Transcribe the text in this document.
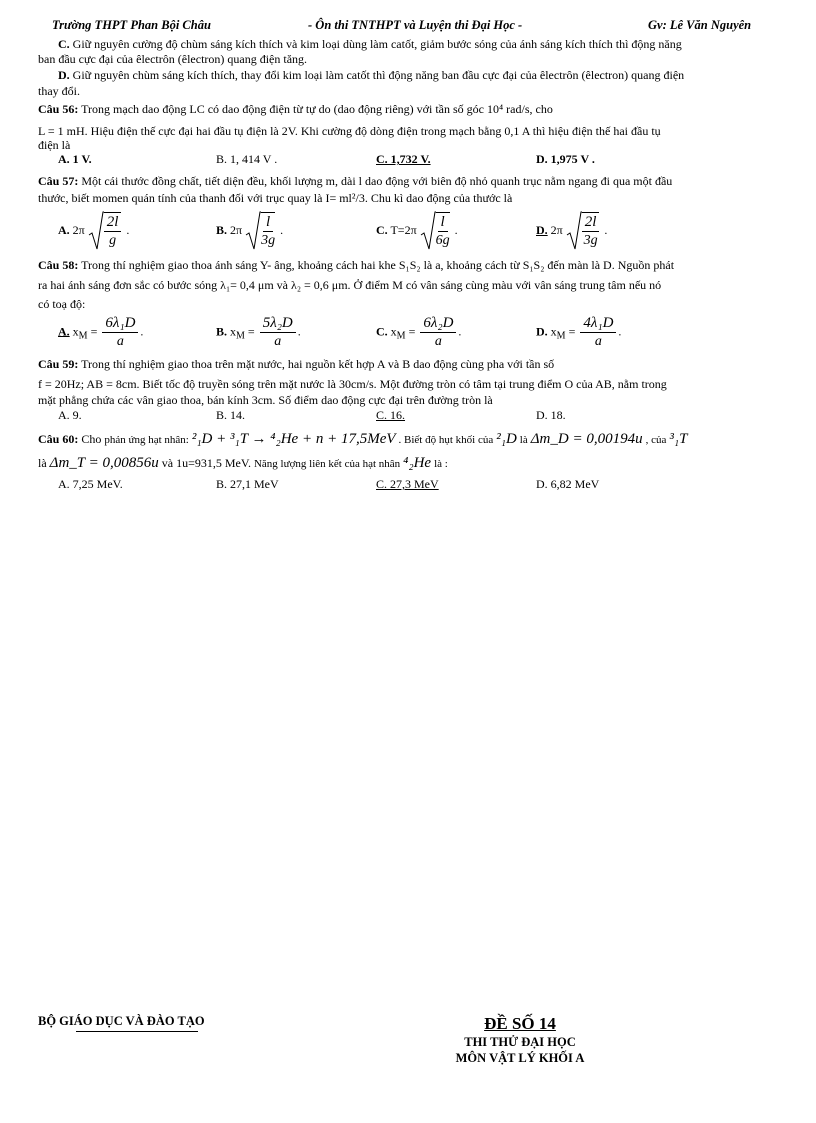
Trường THPT Phan Bội Châu	- Ôn thi TNTHPT và Luyện thi Đại Học -	Gv: Lê Văn Nguyên
C. Giữ nguyên cường độ chùm sáng kích thích và kim loại dùng làm catốt, giảm bước sóng của ánh sáng kích thích thì động năng
ban đầu cực đại của êlectrôn (êlectron) quang điện tăng.
D. Giữ nguyên chùm sáng kích thích, thay đổi kim loại làm catốt thì động năng ban đầu cực đại của êlectrôn (êlectron) quang điện
thay đổi.
Câu 56: Trong mạch dao động LC có dao động điện từ tự do (dao động riêng) với tần số góc 10⁴ rad/s, cho
L = 1 mH. Hiệu điện thế cực đại hai đầu tụ điện là 2V. Khi cường độ dòng điện trong mạch bằng 0,1 A thì hiệu điện thế hai đầu tụ
điện là
A. 1 V.	B. 1, 414 V .	C. 1,732 V.	D. 1,975 V .
Câu 57: Một cái thước đồng chất, tiết diện đều, khối lượng m, dài l dao động với biên độ nhỏ quanh trục nằm ngang đi qua một đầu
thước, biết momen quán tính của thanh đối với trục quay là I= ml²/3. Chu kì dao động của thước là
A. $2\pi \frac{2l}{g}$ .	B. $2\pi \frac{l}{3g}$ .	C. $T=2\pi \frac{l}{6g}$ .	D. $2\pi \frac{2l}{3g}$ .
Câu 58: Trong thí nghiệm giao thoa ánh sáng Y- âng, khoảng cách hai khe S₁S₂ là a, khoảng cách từ S₁S₂ đến màn là D. Nguồn phát
ra hai ánh sáng đơn sắc có bước sóng λ₁= 0,4 μm và λ₂ = 0,6 μm. Ở điểm M có vân sáng cùng màu với vân sáng trung tâm nếu nó
có toạ độ:
A. $x_M = \frac{\text{6λ₁D}}{a}$ .	B. $x_M = \frac{\text{5λ₂D}}{a}$ .	C. $x_M = \frac{\text{6λ₂D}}{a}$ .	D. $x_M = \frac{\text{4λ₁D}}{a}$ .
Câu 59: Trong thí nghiệm giao thoa trên mặt nước, hai nguồn kết hợp A và B dao động cùng pha với tần số
f = 20Hz; AB = 8cm. Biết tốc độ truyền sóng trên mặt nước là 30cm/s. Một đường tròn có tâm tại trung điểm O của AB, nằm trong
mặt phẳng chứa các vân giao thoa, bán kính 3cm. Số điểm dao động cực đại trên đường tròn là
A. 9.	B. 14.	C. 16.	D. 18.
Câu 60: Cho phản ứng hạt nhân: ²₁D + ³₁T → ⁴₂He + n + 17,5MeV . Biết độ hụt khối của ²₁D là Δm_D = 0,00194u , của ³₁T
là Δm_T = 0,00856u và 1u=931,5 MeV. Năng lượng liên kết của hạt nhân ⁴₂He là :
A. 7,25 MeV.	B. 27,1 MeV	C. 27,3 MeV	D. 6,82 MeV
BỘ GIÁO DỤC VÀ ĐÀO TẠO	ĐỀ SỐ 14
THI THỬ ĐẠI HỌC
MÔN VẬT LÝ KHỐI A
